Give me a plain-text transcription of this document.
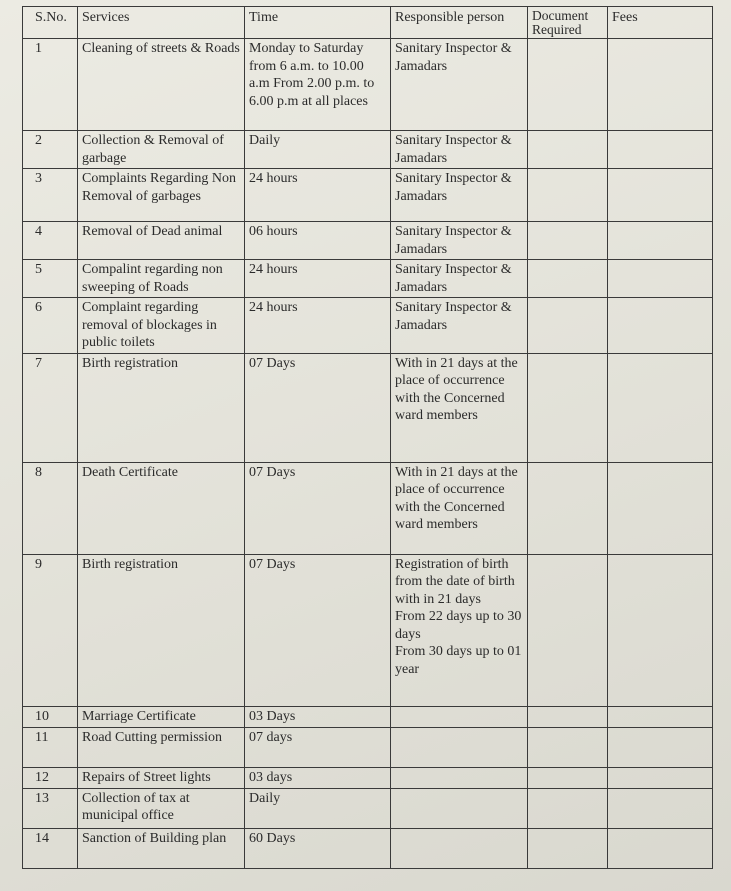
S.No.	Services	Time	Responsible person	Document Required	Fees
1	Cleaning of streets & Roads	Monday to Saturday from 6 a.m. to 10.00 a.m From 2.00 p.m. to 6.00 p.m at all places	Sanitary Inspector & Jamadars		
2	Collection & Removal of garbage	Daily	Sanitary Inspector & Jamadars		
3	Complaints Regarding Non Removal of garbages	24 hours	Sanitary Inspector & Jamadars		
4	Removal of Dead animal	06 hours	Sanitary Inspector & Jamadars		
5	Compalint regarding non sweeping of Roads	24 hours	Sanitary Inspector & Jamadars		
6	Complaint regarding removal of blockages in public toilets	24 hours	Sanitary Inspector & Jamadars		
7	Birth registration	07 Days	With in 21 days at the place of occurrence with the Concerned ward members		
8	Death Certificate	07 Days	With in 21 days at the place of occurrence with the Concerned ward members		
9	Birth registration	07 Days	Registration of birth from the date of birth with in 21 days
From 22 days up to 30 days
From 30 days up to 01 year		

10	Marriage Certificate	03 Days			
11	Road Cutting permission	07 days			
12	Repairs of Street lights	03 days			
13	Collection of tax at municipal office	Daily			
14	Sanction of Building plan	60 Days			
